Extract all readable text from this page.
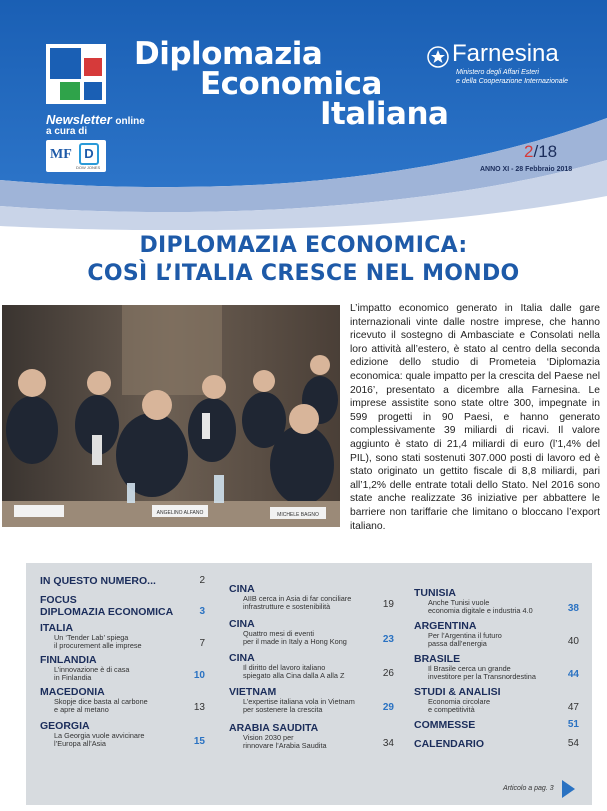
Diplomazia
Economica
Italiana
Newsletter online
a cura di
MF D
DOW JONES
Farnesina
Ministero degli Affari Esteri
e della Cooperazione Internazionale
2/18
ANNO XI - 28 Febbraio 2018
DIPLOMAZIA ECONOMICA:
COSÌ L’ITALIA CRESCE NEL MONDO
ANGELINO ALFANO	MICHELE BAGNO
L’impatto economico generato in Italia dalle gare internazionali vinte dalle nostre imprese, che hanno ricevuto il sostegno di Ambasciate e Consolati nella loro attività all’estero, è stato al centro della seconda edizione dello studio di Prometeia ‘Diplomazia economica: quale impatto per la crescita del Paese nel 2016’, presentato a dicembre alla Farnesina. Le imprese assistite sono state oltre 300, impegnate in 599 progetti in 90 Paesi, e hanno generato complessivamente 39 miliardi di ricavi. Il valore aggiunto è stato di 21,4 miliardi di euro (l’1,4% del PIL), sono stati sostenuti 307.000 posti di lavoro ed è stato originato un gettito fiscale di 8,8 miliardi, pari all’1,2% delle entrate totali dello Stato. Nel 2016 sono state anche realizzate 36 iniziative per abbattere le barriere non tariffarie che limitano o bloccano l’export italiano.
IN QUESTO NUMERO...	2
FOCUS
DIPLOMAZIA ECONOMICA	3
ITALIA
Un ‘Tender Lab’ spiega
il procurement alle imprese	7
FINLANDIA
L’innovazione è di casa
in Finlandia	10
MACEDONIA
Skopje dice basta al carbone
e apre al metano	13
GEORGIA
La Georgia vuole avvicinare
l’Europa all’Asia	15
CINA
AIIB cerca in Asia di far conciliare
infrastrutture e sostenibilità	19
CINA
Quattro mesi di eventi
per il made in Italy a Hong Kong	23
CINA
Il diritto del lavoro italiano
spiegato alla Cina dalla A alla Z	26
VIETNAM
L’expertise italiana vola in Vietnam
per sostenere la crescita	29
ARABIA SAUDITA
Vision 2030 per
rinnovare l’Arabia Saudita	34
TUNISIA
Anche Tunisi vuole
economia digitale e industria 4.0	38
ARGENTINA
Per l’Argentina il futuro
passa dall’energia	40
BRASILE
Il Brasile cerca un grande
investitore per la Transnordestina	44
STUDI & ANALISI
Economia circolare
e competitività	47
COMMESSE	51
CALENDARIO	54
Articolo a pag. 3
